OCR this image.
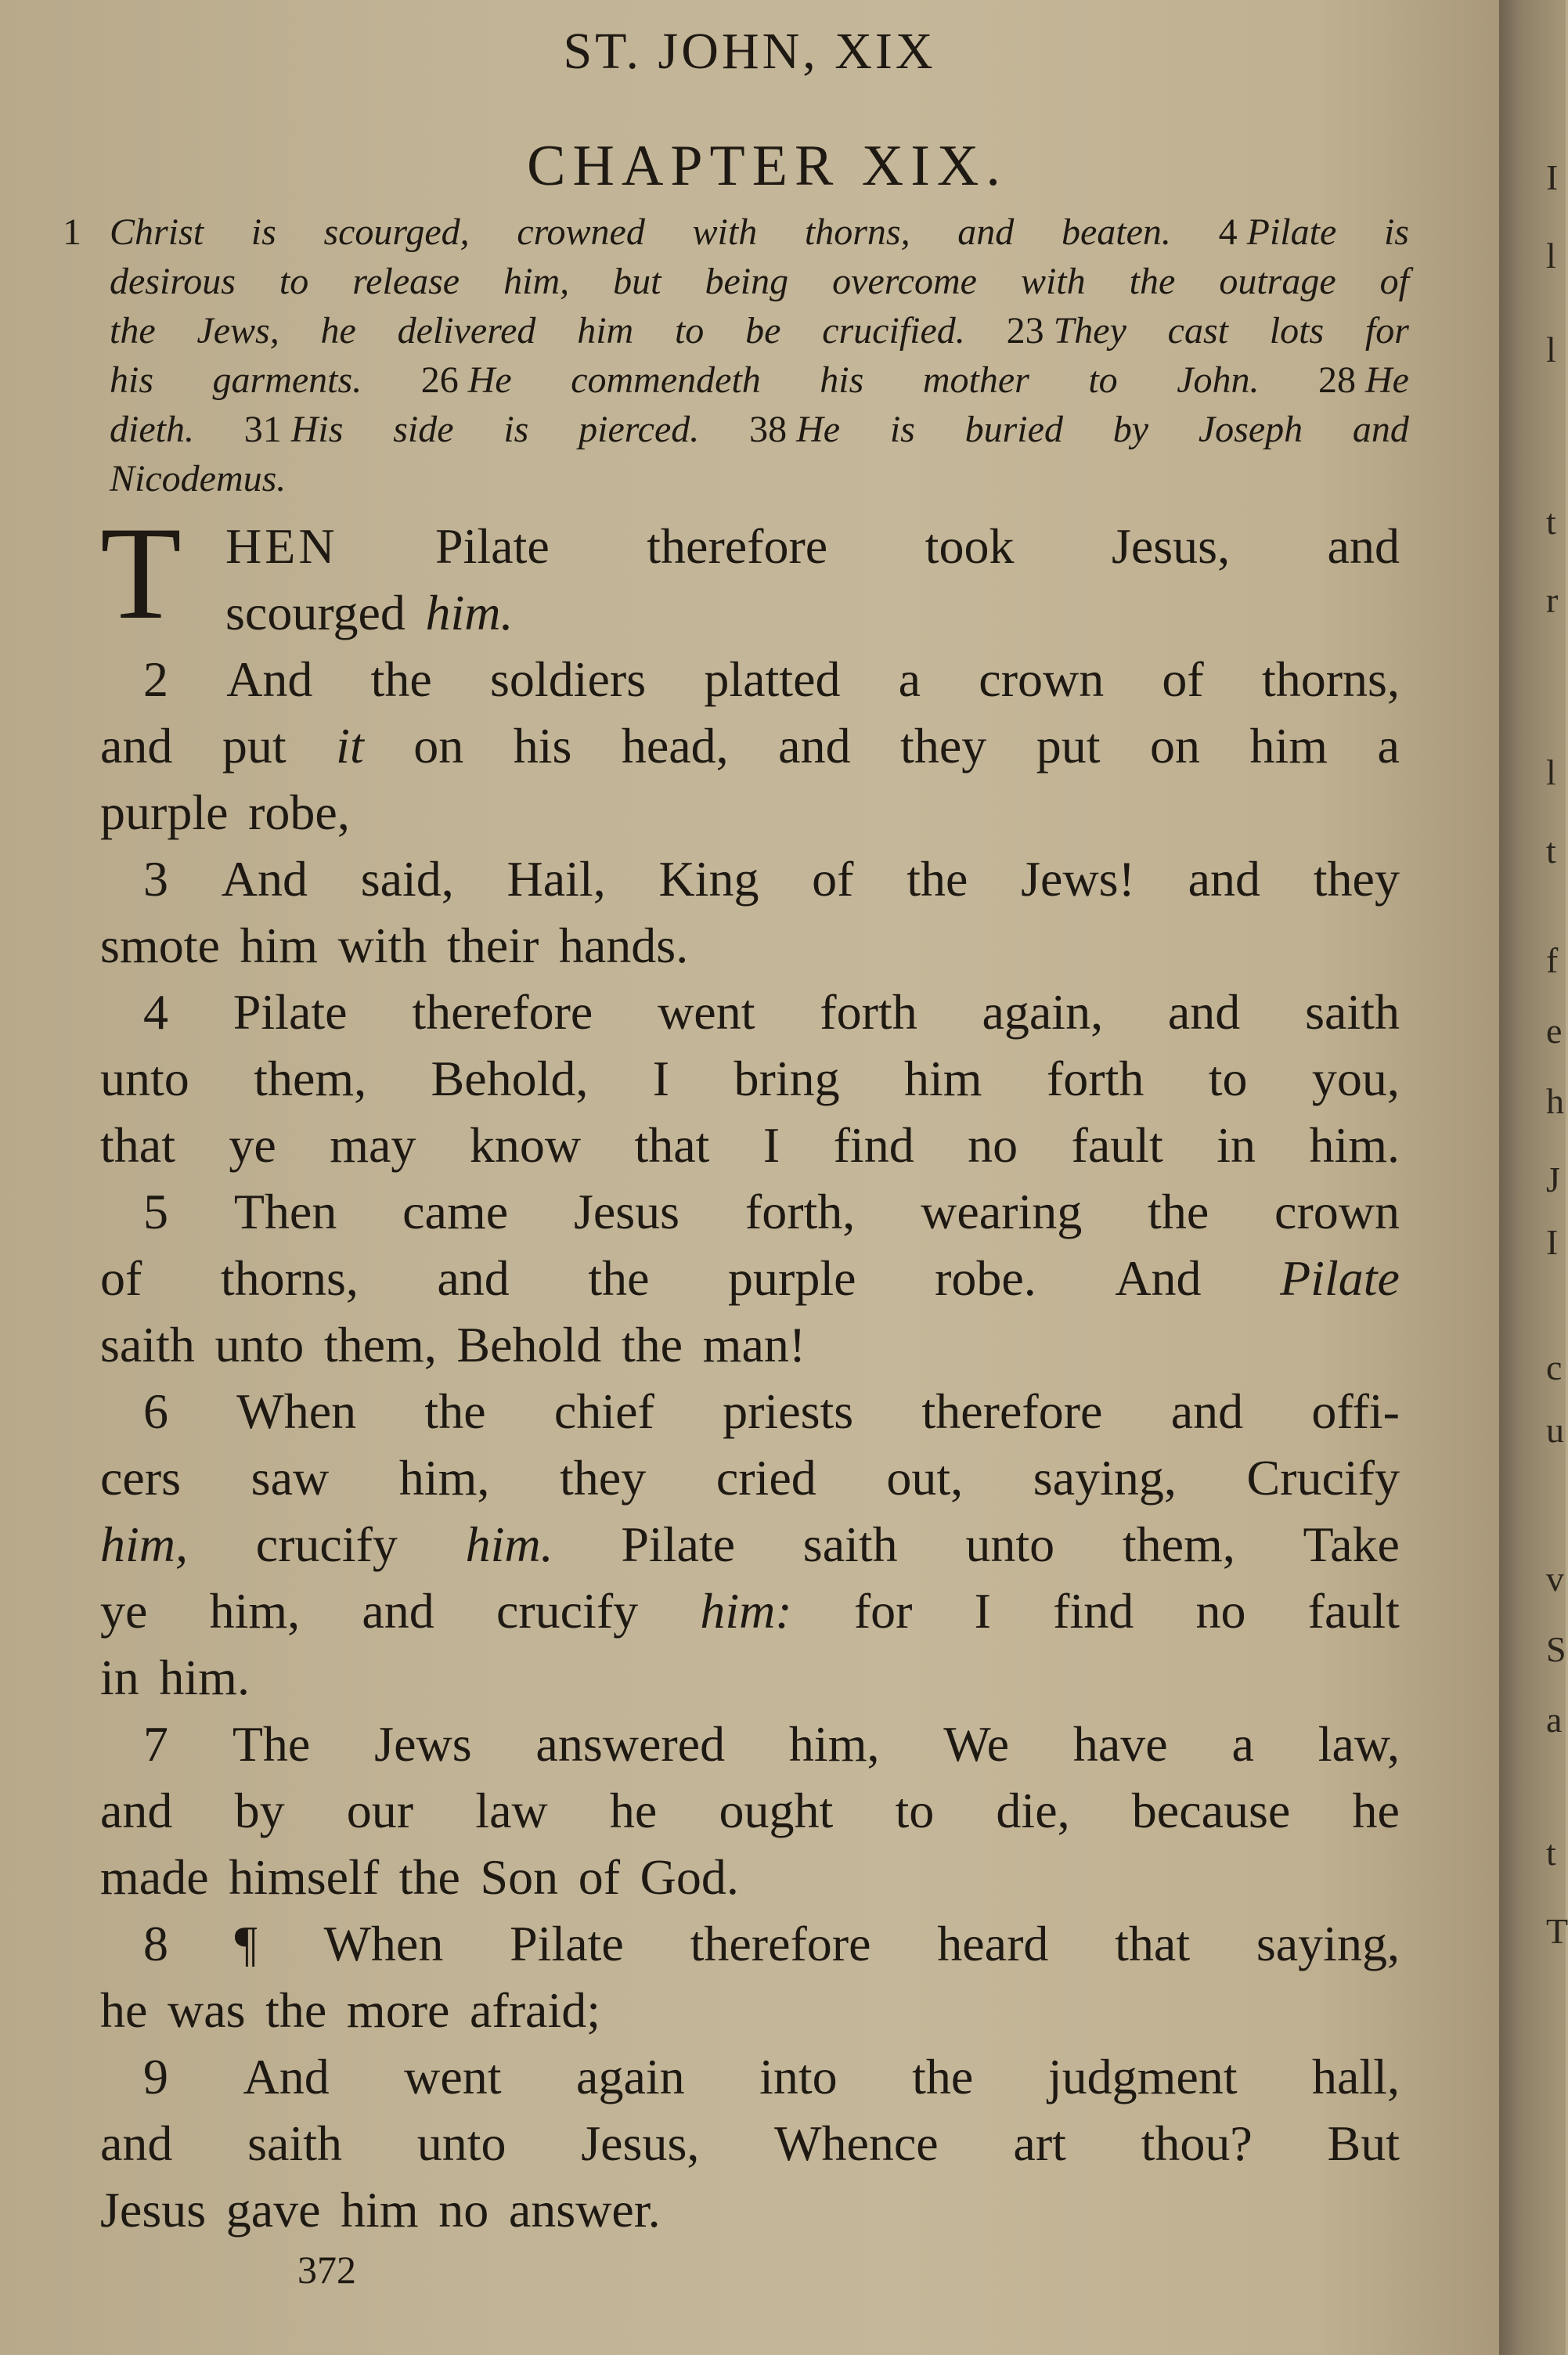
ST. JOHN, XIX
CHAPTER XIX.
1 Christ is scourged, crowned with thorns, and beaten. 4 Pilate is
desirous to release him, but being overcome with the outrage of
the Jews, he delivered him to be crucified. 23 They cast lots for
his garments. 26 He commendeth his mother to John. 28 He
dieth. 31 His side is pierced. 38 He is buried by Joseph and
Nicodemus.
T HEN Pilate therefore took Jesus, and
scourged him.
2 And the soldiers platted a crown of thorns,
and put it on his head, and they put on him a
purple robe,
3 And said, Hail, King of the Jews! and they
smote him with their hands.
4 Pilate therefore went forth again, and saith
unto them, Behold, I bring him forth to you,
that ye may know that I find no fault in him.
5 Then came Jesus forth, wearing the crown
of thorns, and the purple robe. And Pilate
saith unto them, Behold the man!
6 When the chief priests therefore and offi-
cers saw him, they cried out, saying, Crucify
him, crucify him. Pilate saith unto them, Take
ye him, and crucify him: for I find no fault
in him.
7 The Jews answered him, We have a law,
and by our law he ought to die, because he
made himself the Son of God.
8 ¶ When Pilate therefore heard that saying,
he was the more afraid;
9 And went again into the judgment hall,
and saith unto Jesus, Whence art thou? But
Jesus gave him no answer.
372
I
l
l
t
r
l
t
f
e
h
J
I
c
u
v
S
a
t
T
